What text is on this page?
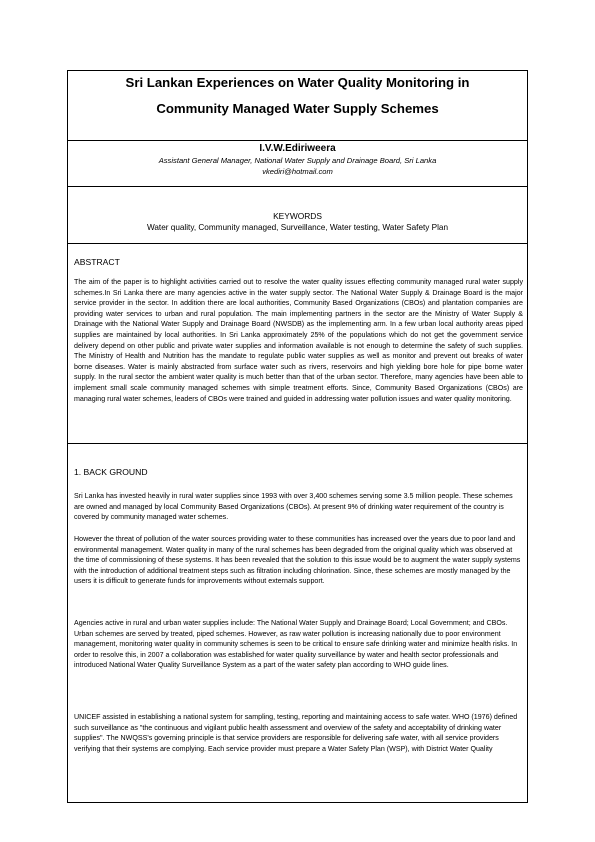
Sri Lankan Experiences on Water Quality Monitoring in
Community Managed Water Supply Schemes
I.V.W.Ediriweera
Assistant General Manager, National Water Supply and Drainage Board, Sri Lanka
vkediri@hotmail.com
KEYWORDS
Water quality, Community managed, Surveillance, Water testing, Water Safety Plan
ABSTRACT

The aim of the paper is to highlight activities carried out to resolve the water quality issues effecting community managed rural water supply schemes.In Sri Lanka there are many agencies active in the water supply sector. The National Water Supply & Drainage Board is the major service provider in the sector. In addition there are local authorities, Community Based Organizations (CBOs) and plantation companies are providing water services to urban and rural population. The main implementing partners in the sector are the Ministry of Water Supply & Drainage with the National Water Supply and Drainage Board (NWSDB) as the implementing arm. In a few urban local authority areas piped supplies are maintained by local authorities. In Sri Lanka approximately 25% of the populations which do not get the government service delivery depend on other public and private water supplies and information available is not enough to determine the safety of such supplies. The Ministry of Health and Nutrition has the mandate to regulate public water supplies as well as monitor and prevent out breaks of water borne diseases. Water is mainly abstracted from surface water such as rivers, reservoirs and high yielding bore hole for pipe borne water supply. In the rural sector the ambient water quality is much better than that of the urban sector. Therefore, many agencies have been able to implement small scale community managed schemes with simple treatment efforts. Since, Community Based Organizations (CBOs) are managing rural water schemes, leaders of CBOs were trained and guided in addressing water pollution issues and water quality monitoring.

1. BACK GROUND

Sri Lanka has invested heavily in rural water supplies since 1993 with over 3,400 schemes serving some 3.5 million people. These schemes are owned and managed by local Community Based Organizations (CBOs). At present 9% of drinking water requirement of the country is covered by community managed water schemes.

However the threat of pollution of the water sources providing water to these communities has increased over the years due to poor land and environmental management. Water quality in many of the rural schemes has been degraded from the original quality which was observed at the time of commissioning of these systems. It has been revealed that the solution to this issue would be to augment the water supply systems with the introduction of additional treatment steps such as filtration including chlorination. Since, these schemes are mostly managed by the users it is difficult to generate funds for improvements without externals support.

Agencies active in rural and urban water supplies include: The National Water Supply and Drainage Board; Local Government; and CBOs. Urban schemes are served by treated, piped schemes. However, as raw water pollution is increasing nationally due to poor environment management, monitoring water quality in community schemes is seen to be critical to ensure safe drinking water and minimize health risks. In order to resolve this, in 2007 a collaboration was established for water quality surveillance by water and health sector professionals and introduced National Water Quality Surveillance System as a part of the water safety plan according to WHO guide lines.

UNICEF assisted in establishing a national system for sampling, testing, reporting and maintaining access to safe water. WHO (1976) defined such surveillance as "the continuous and vigilant public health assessment and overview of the safety and acceptability of drinking water supplies". The NWQSS's governing principle is that service providers are responsible for delivering safe water, with all service providers verifying that their systems are complying. Each service provider must prepare a Water Safety Plan (WSP), with District Water Quality
